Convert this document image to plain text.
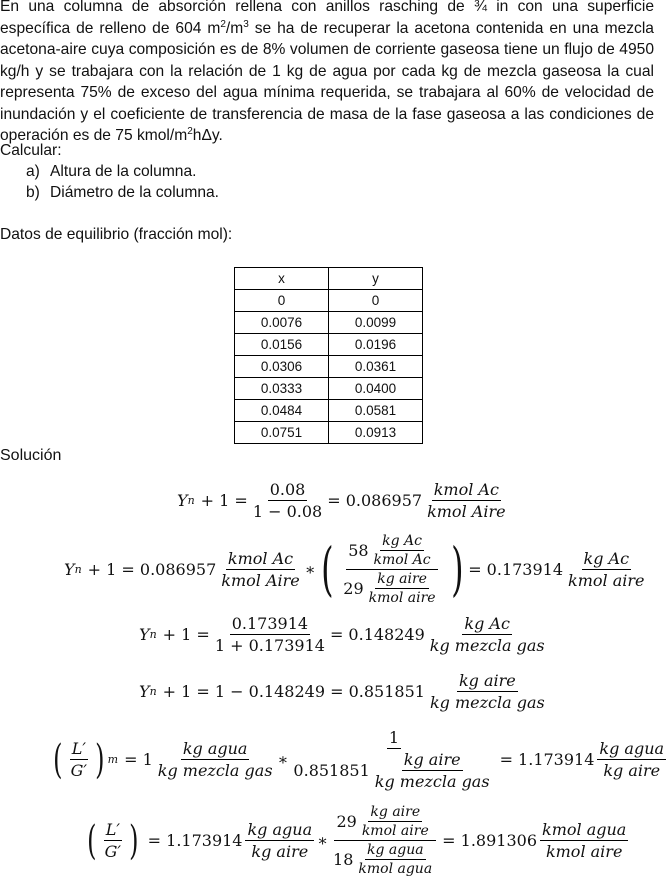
En una columna de absorción rellena con anillos rasching de ¾ in con una superficie específica de relleno de 604 $m^2/m^3$ se ha de recuperar la acetona contenida en una mezcla acetona-aire cuya composición es de 8% volumen de corriente gaseosa tiene un flujo de 4950 kg/h y se trabajara con la relación de 1 kg de agua por cada kg de mezcla gaseosa la cual representa 75% de exceso del agua mínima requerida, se trabajara al 60% de velocidad de inundación y el coeficiente de transferencia de masa de la fase gaseosa a las condiciones de operación es de 75 kmol/$m^2h\Delta y$.
Calcular:
a) Altura de la columna.
b) Diámetro de la columna.
Datos de equilibrio (fracción mol):
x	y
0	0
0.0076	0.0099
0.0156	0.0196
0.0306	0.0361
0.0333	0.0400
0.0484	0.0581
0.0751	0.0913
Solución
Y $n + 1 = \frac{0.08}{1 - 0.08} = 0.086957$
kmol Ac
kmol Aire
Y n + 1 = 0.086957
kmol Ac
kmol Aire
∗ ( 58 kg Ac
kmol Ac
29 kg aire
kmol aire ) = 0.173914
kg Ac
kmol aire
Y $n + 1 = \frac{0.173914}{1 + 0.173914} = 0.148249$
kg Ac
kg mezcla gas
Y n + 1 = 1 − 0.148249 = 0.851851
kg aire
kg mezcla gas
( L′
G′ ) m = 1
kg agua
kg mezcla gas
∗
1
0.851851
kg aire
kg mezcla gas
= 1.173914
kg agua
kg aire
( L′
G′ ) = 1.173914
kg agua
kg aire
∗
29 kg aire
kmol aire
18 kg agua
kmol agua
= 1.891306
kmol agua
kmol aire
